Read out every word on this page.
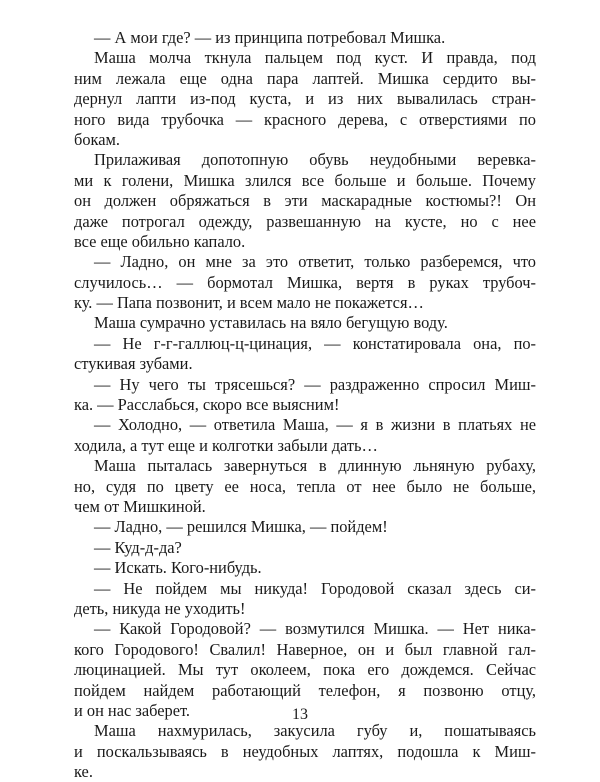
— А мои где? — из принципа потребовал Мишка.
Маша молча ткнула пальцем под куст. И правда, под
ним лежала еще одна пара лаптей. Мишка сердито вы-
дернул лапти из-под куста, и из них вывалилась стран-
ного вида трубочка — красного дерева, с отверстиями по
бокам.
Прилаживая допотопную обувь неудобными веревка-
ми к голени, Мишка злился все больше и больше. Почему
он должен обряжаться в эти маскарадные костюмы?! Он
даже потрогал одежду, развешанную на кусте, но с нее
все еще обильно капало.
— Ладно, он мне за это ответит, только разберемся, что
случилось… — бормотал Мишка, вертя в руках трубоч-
ку. — Папа позвонит, и всем мало не покажется…
Маша сумрачно уставилась на вяло бегущую воду.
— Не г-г-галлюц-ц-цинация, — констатировала она, по-
стукивая зубами.
— Ну чего ты трясешься? — раздраженно спросил Миш-
ка. — Расслабься, скоро все выясним!
— Холодно, — ответила Маша, — я в жизни в платьях не
ходила, а тут еще и колготки забыли дать…
Маша пыталась завернуться в длинную льняную рубаху,
но, судя по цвету ее носа, тепла от нее было не больше,
чем от Мишкиной.
— Ладно, — решился Мишка, — пойдем!
— Куд-д-да?
— Искать. Кого-нибудь.
— Не пойдем мы никуда! Городовой сказал здесь си-
деть, никуда не уходить!
— Какой Городовой? — возмутился Мишка. — Нет ника-
кого Городового! Свалил! Наверное, он и был главной гал-
люцинацией. Мы тут околеем, пока его дождемся. Сейчас
пойдем найдем работающий телефон, я позвоню отцу,
и он нас заберет.
Маша нахмурилась, закусила губу и, пошатываясь
и поскальзываясь в неудобных лаптях, подошла к Миш-
ке.
13
